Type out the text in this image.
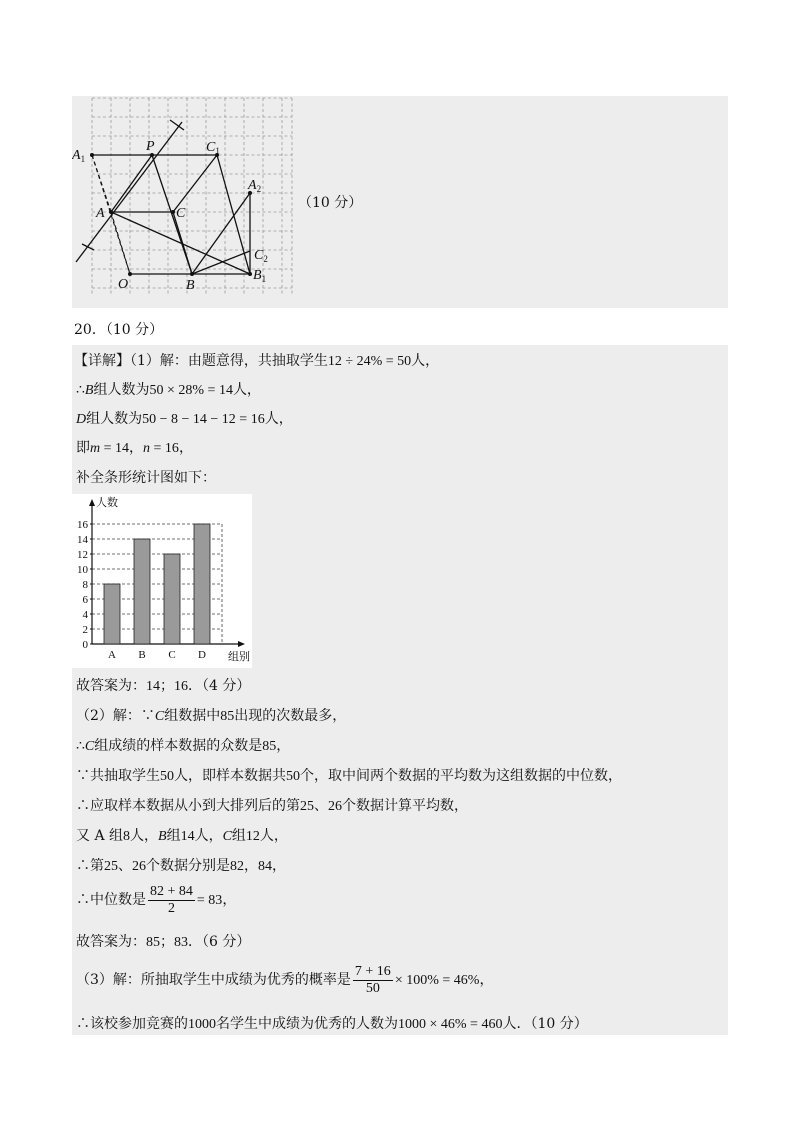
$A_1$
P	$C_1$
$A_2$
A	C
$C_2$
O	B
$B_1$
（10 分）
20．（10 分）
【详解】（1）解：由题意得，共抽取学生12 ÷ 24% = 50人，
∴B组人数为50 × 28% = 14人，
D组人数为50 − 8 − 14 − 12 = 16人，
即m = 14，n = 16，
补全条形统计图如下：
0
2
4
6
8
10
12
14
16
A B C D
人数
组别
故答案为：14；16．（4 分）
（2）解：∵C组数据中85出现的次数最多，
∴C组成绩的样本数据的众数是85，
∵共抽取学生50人，即样本数据共50个，取中间两个数据的平均数为这组数据的中位数，
∴应取样本数据从小到大排列后的第25、26个数据计算平均数，
又 A 组8人，B组14人，C组12人，
∴第25、26个数据分别是82，84，
∴中位数是 $\frac{82 + 84}{2} = 83$，
故答案为：85；83．（6 分）
（3）解：所抽取学生中成绩为优秀的概率是 $\frac{7 + 16}{50} \times 100\% = 46\%$，
∴该校参加竞赛的1000名学生中成绩为优秀的人数为1000 × 46% = 460人．（10 分）
